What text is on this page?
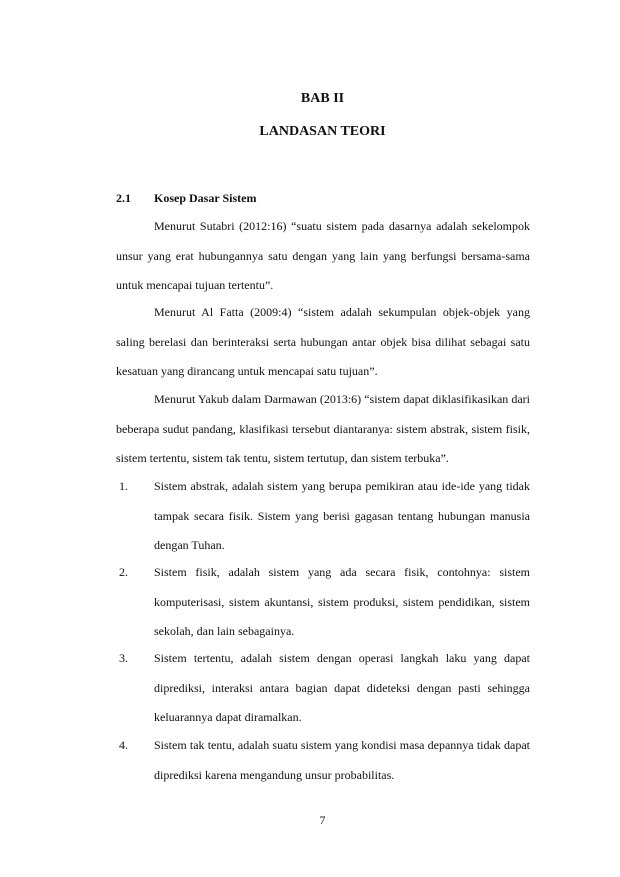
BAB II
LANDASAN TEORI
2.1 Kosep Dasar Sistem

Menurut Sutabri (2012:16) “suatu sistem pada dasarnya adalah sekelompok unsur yang erat hubungannya satu dengan yang lain yang berfungsi bersama-sama untuk mencapai tujuan tertentu”.

Menurut Al Fatta (2009:4) “sistem adalah sekumpulan objek-objek yang saling berelasi dan berinteraksi serta hubungan antar objek bisa dilihat sebagai satu kesatuan yang dirancang untuk mencapai satu tujuan”.

Menurut Yakub dalam Darmawan (2013:6) “sistem dapat diklasifikasikan dari beberapa sudut pandang, klasifikasi tersebut diantaranya: sistem abstrak, sistem fisik, sistem tertentu, sistem tak tentu, sistem tertutup, dan sistem terbuka”.

1.	Sistem abstrak, adalah sistem yang berupa pemikiran atau ide-ide yang tidak tampak secara fisik. Sistem yang berisi gagasan tentang hubungan manusia dengan Tuhan.
2.	Sistem fisik, adalah sistem yang ada secara fisik, contohnya: sistem komputerisasi, sistem akuntansi, sistem produksi, sistem pendidikan, sistem sekolah, dan lain sebagainya.
3.	Sistem tertentu, adalah sistem dengan operasi langkah laku yang dapat diprediksi, interaksi antara bagian dapat dideteksi dengan pasti sehingga keluarannya dapat diramalkan.
4.	Sistem tak tentu, adalah suatu sistem yang kondisi masa depannya tidak dapat diprediksi karena mengandung unsur probabilitas.
7
